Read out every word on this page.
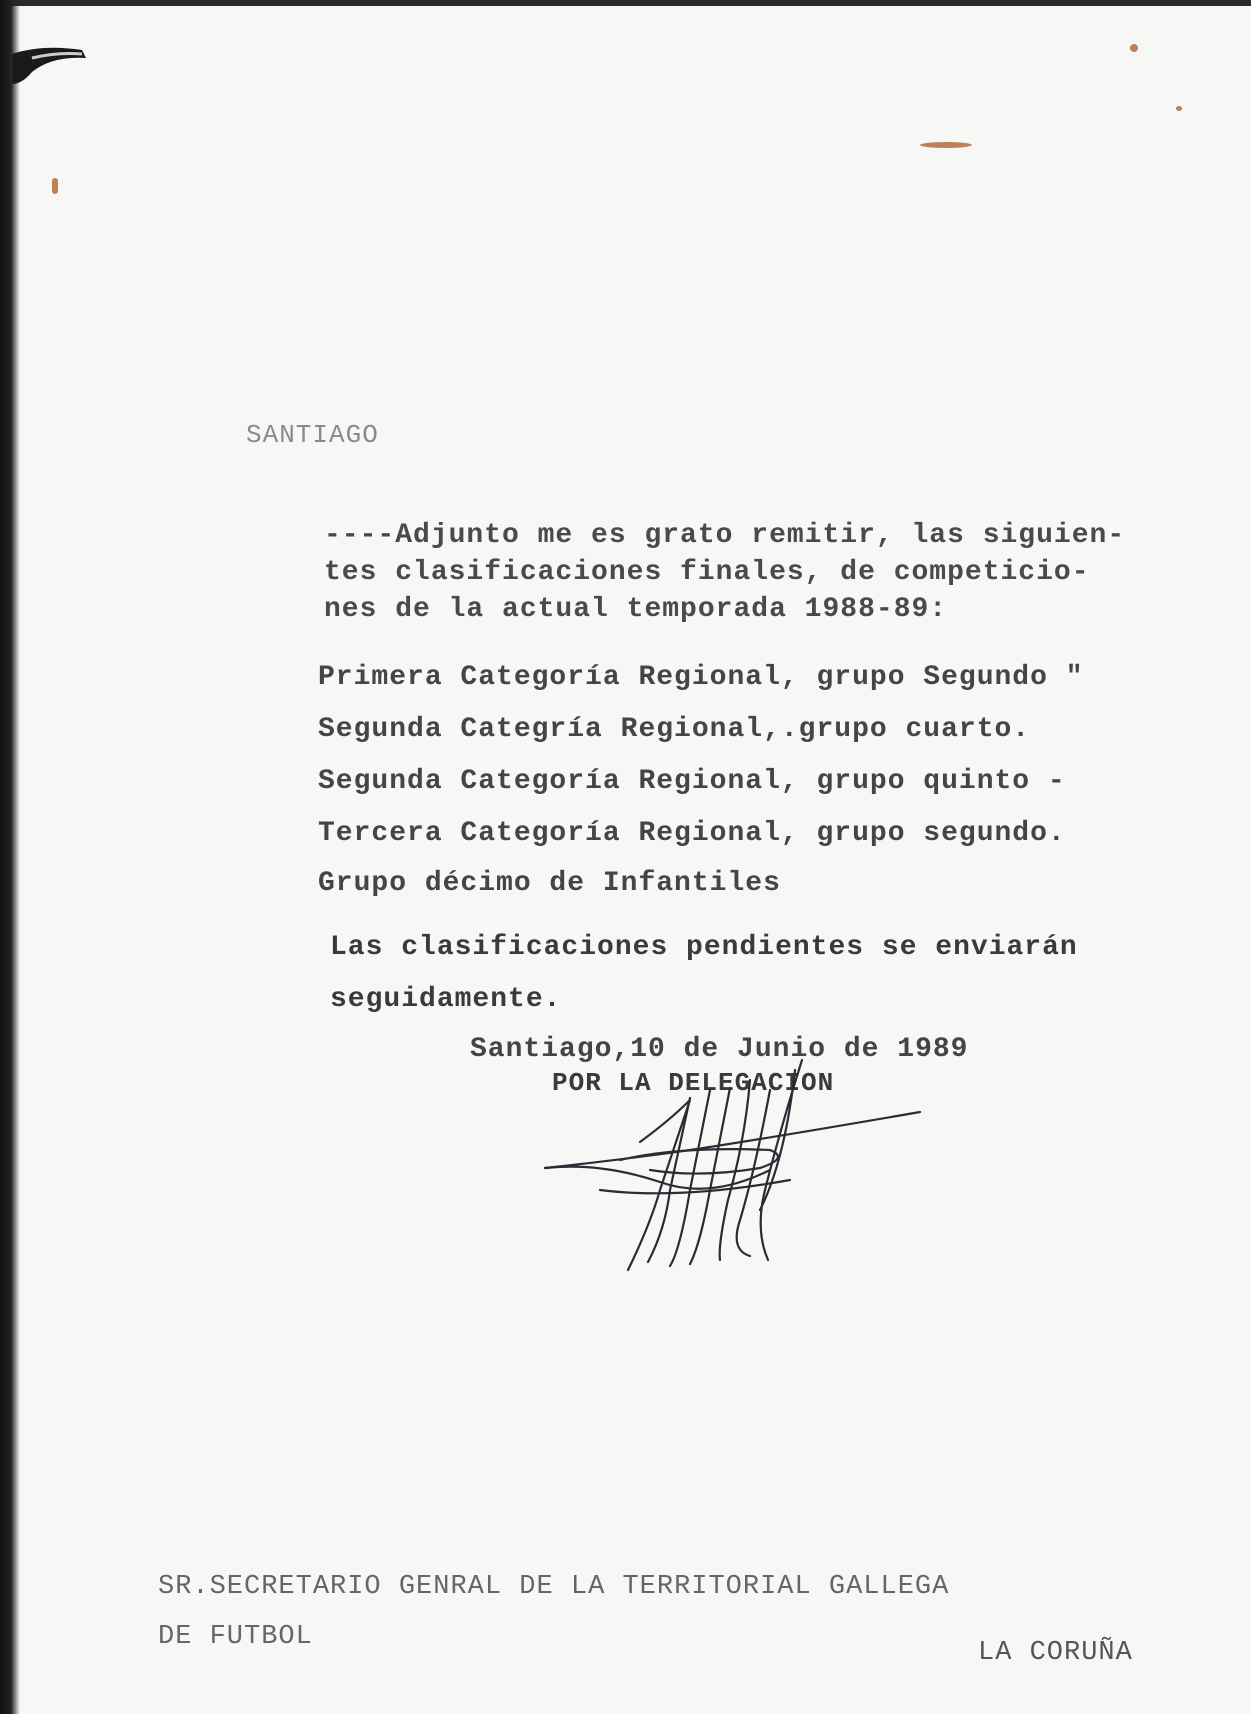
SANTIAGO
----Adjunto me es grato remitir, las siguien-
tes clasificaciones finales, de competicio-
nes de la actual temporada 1988-89:
Primera Categoría Regional, grupo Segundo "
Segunda Categría Regional,.grupo cuarto.
Segunda Categoría Regional, grupo quinto -
Tercera Categoría Regional, grupo segundo.
Grupo décimo de Infantiles
Las clasificaciones pendientes se enviarán
seguidamente.
Santiago,10 de Junio de 1989
POR LA DELEGACION
SR.SECRETARIO GENRAL DE LA TERRITORIAL GALLEGA
DE FUTBOL
LA CORUÑA
